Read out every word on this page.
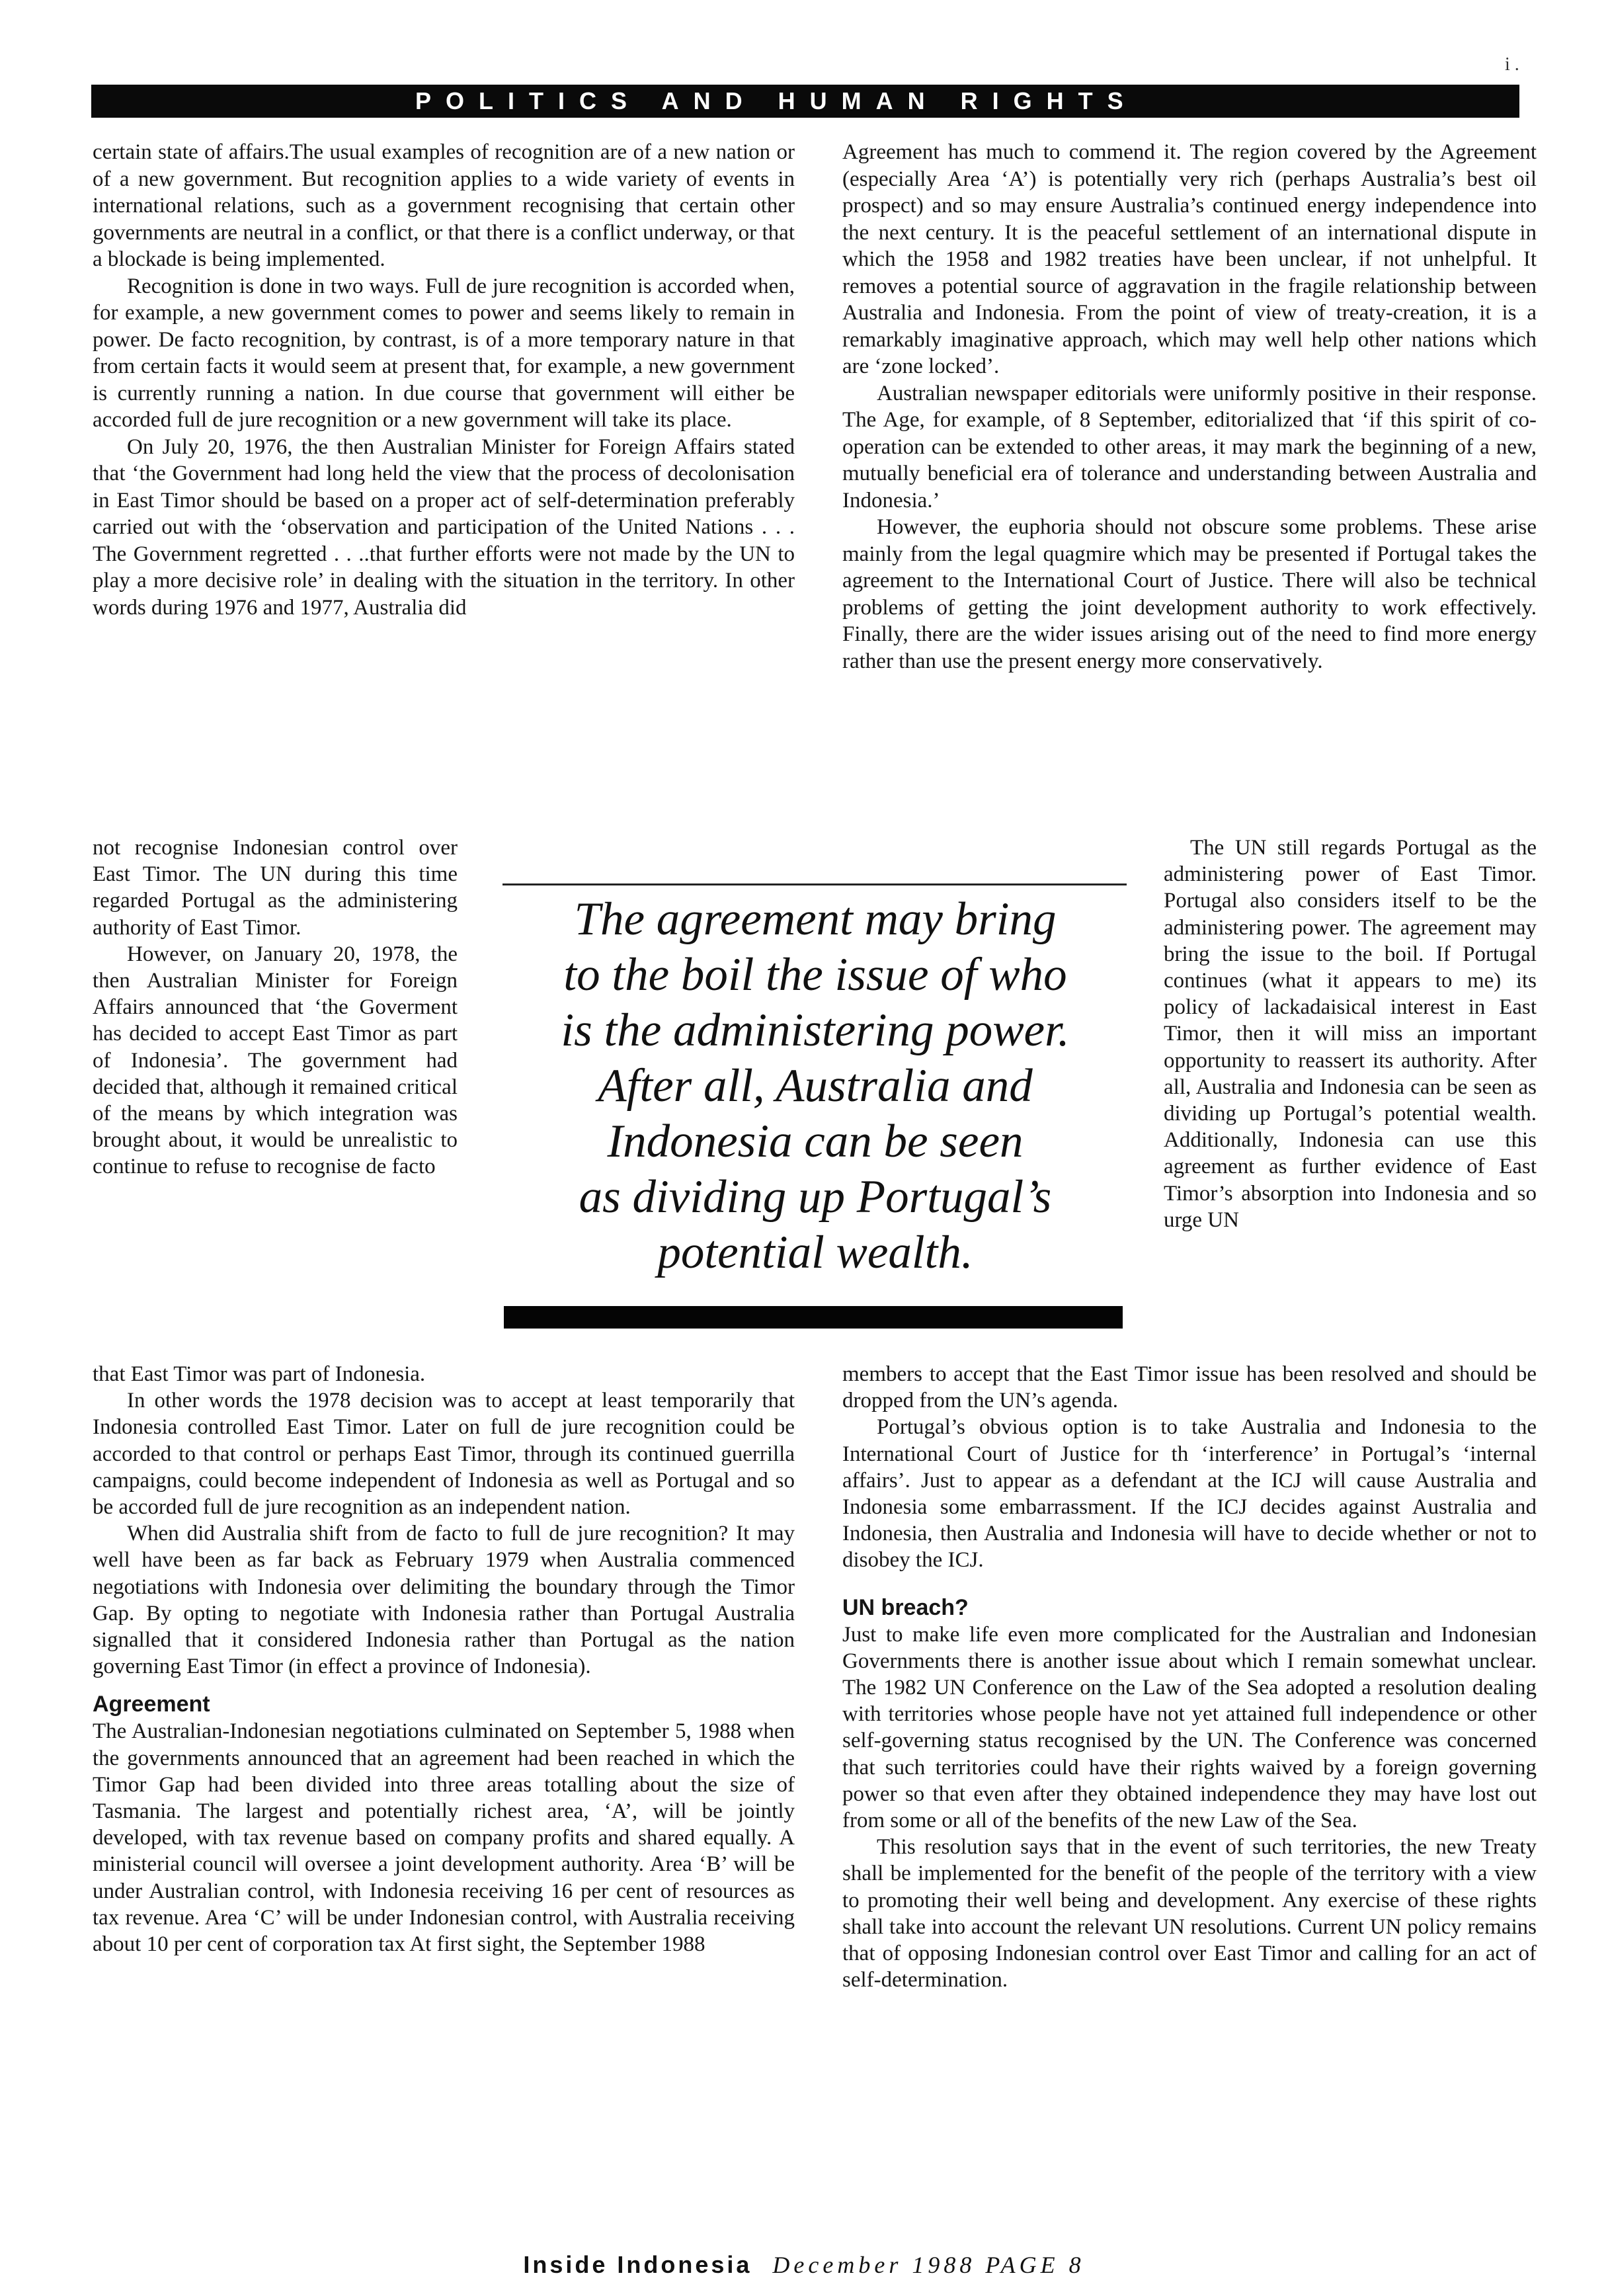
i .
POLITICS AND HUMAN RIGHTS

certain state of affairs.The usual examples of recognition are of a new nation or of a new government. But recognition applies to a wide variety of events in international relations, such as a government recognising that certain other governments are neutral in a conflict, or that there is a conflict underway, or that a blockade is being implemented.

Recognition is done in two ways. Full de jure recognition is accorded when, for example, a new government comes to power and seems likely to remain in power. De facto recognition, by contrast, is of a more temporary nature in that from certain facts it would seem at present that, for example, a new government is currently running a nation. In due course that government will either be accorded full de jure recognition or a new government will take its place.

On July 20, 1976, the then Australian Minister for Foreign Affairs stated that ‘the Government had long held the view that the process of decolonisation in East Timor should be based on a proper act of self-determination preferably carried out with the ‘observation and participation of the United Nations . . . The Government regretted . . ..that further efforts were not made by the UN to play a more decisive role’ in dealing with the situation in the territory. In other words during 1976 and 1977, Australia did

not recognise Indonesian control over East Timor. The UN during this time regarded Portugal as the administering authority of East Timor.

However, on January 20, 1978, the then Australian Minister for Foreign Affairs announced that ‘the Goverment has decided to accept East Timor as part of Indonesia’. The government had decided that, although it remained critical of the means by which integration was brought about, it would be unrealistic to continue to refuse to recognise de facto

that East Timor was part of Indonesia.

In other words the 1978 decision was to accept at least temporarily that Indonesia controlled East Timor. Later on full de jure recognition could be accorded to that control or perhaps East Timor, through its continued guerrilla campaigns, could become independent of Indonesia as well as Portugal and so be accorded full de jure recognition as an independent nation.

When did Australia shift from de facto to full de jure recognition? It may well have been as far back as February 1979 when Australia commenced negotiations with Indonesia over delimiting the boundary through the Timor Gap. By opting to negotiate with Indonesia rather than Portugal Australia signalled that it considered Indonesia rather than Portugal as the nation governing East Timor (in effect a province of Indonesia).

Agreement

The Australian-Indonesian negotiations culminated on September 5, 1988 when the governments announced that an agreement had been reached in which the Timor Gap had been divided into three areas totalling about the size of Tasmania. The largest and potentially richest area, ‘A’, will be jointly developed, with tax revenue based on company profits and shared equally. A ministerial council will oversee a joint development authority. Area ‘B’ will be under Australian control, with Indonesia receiving 16 per cent of resources as tax revenue. Area ‘C’ will be under Indonesian control, with Australia receiving about 10 per cent of corporation tax At first sight, the September 1988

Agreement has much to commend it. The region covered by the Agreement (especially Area ‘A’) is potentially very rich (perhaps Australia’s best oil prospect) and so may ensure Australia’s continued energy independence into the next century. It is the peaceful settlement of an international dispute in which the 1958 and 1982 treaties have been unclear, if not unhelpful. It removes a potential source of aggravation in the fragile relationship between Australia and Indonesia. From the point of view of treaty-creation, it is a remarkably imaginative approach, which may well help other nations which are ‘zone locked’.

Australian newspaper editorials were uniformly positive in their response. The Age, for example, of 8 September, editorialized that ‘if this spirit of co-operation can be extended to other areas, it may mark the beginning of a new, mutually beneficial era of tolerance and understanding between Australia and Indonesia.’

However, the euphoria should not obscure some problems. These arise mainly from the legal quagmire which may be presented if Portugal takes the agreement to the International Court of Justice. There will also be technical problems of getting the joint development authority to work effectively. Finally, there are the wider issues arising out of the need to find more energy rather than use the present energy more conservatively.

The UN still regards Portugal as the administering power of East Timor. Portugal also considers itself to be the administering power. The agreement may bring the issue to the boil. If Portugal continues (what it appears to me) its policy of lackadaisical interest in East Timor, then it will miss an important opportunity to reassert its authority. After all, Australia and Indonesia can be seen as dividing up Portugal’s potential wealth. Additionally, Indonesia can use this agreement as further evidence of East Timor’s absorption into Indonesia and so urge UN

members to accept that the East Timor issue has been resolved and should be dropped from the UN’s agenda.

Portugal’s obvious option is to take Australia and Indonesia to the International Court of Justice for th ‘interference’ in Portugal’s ‘internal affairs’. Just to appear as a defendant at the ICJ will cause Australia and Indonesia some embarrassment. If the ICJ decides against Australia and Indonesia, then Australia and Indonesia will have to decide whether or not to disobey the ICJ.

UN breach?

Just to make life even more complicated for the Australian and Indonesian Governments there is another issue about which I remain somewhat unclear. The 1982 UN Conference on the Law of the Sea adopted a resolution dealing with territories whose people have not yet attained full independence or other self-governing status recognised by the UN. The Conference was concerned that such territories could have their rights waived by a foreign governing power so that even after they obtained independence they may have lost out from some or all of the benefits of the new Law of the Sea.

This resolution says that in the event of such territories, the new Treaty shall be implemented for the benefit of the people of the territory with a view to promoting their well being and development. Any exercise of these rights shall take into account the relevant UN resolutions. Current UN policy remains that of opposing Indonesian control over East Timor and calling for an act of self-determination.

The agreement may bring
to the boil the issue of who
is the administering power.
After all, Australia and
Indonesia can be seen
as dividing up Portugal’s
potential wealth.
Inside Indonesia December 1988 PAGE 8
